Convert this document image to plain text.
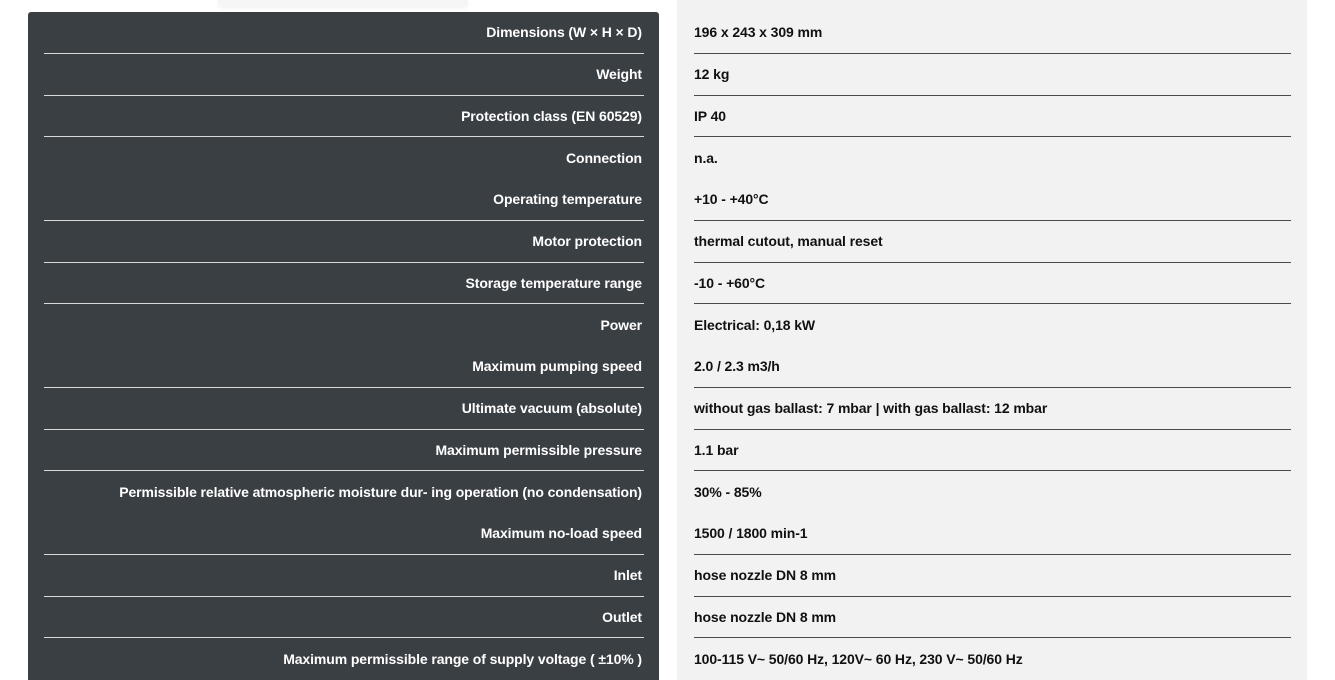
Dimensions (W × H × D)
Weight
Protection class (EN 60529)
Connection
Operating temperature
Motor protection
Storage temperature range
Power
Maximum pumping speed
Ultimate vacuum (absolute)
Maximum permissible pressure
Permissible relative atmospheric moisture dur- ing operation (no condensation)
Maximum no-load speed
Inlet
Outlet
Maximum permissible range of supply voltage ( ±10% )
196 x 243 x 309 mm
12 kg
IP 40
n.a.
+10 - +40°C
thermal cutout, manual reset
-10 - +60°C
Electrical: 0,18 kW
2.0 / 2.3 m3/h
without gas ballast: 7 mbar | with gas ballast: 12 mbar
1.1 bar
30% - 85%
1500 / 1800 min-1
hose nozzle DN 8 mm
hose nozzle DN 8 mm
100-115 V~ 50/60 Hz, 120V~ 60 Hz, 230 V~ 50/60 Hz
